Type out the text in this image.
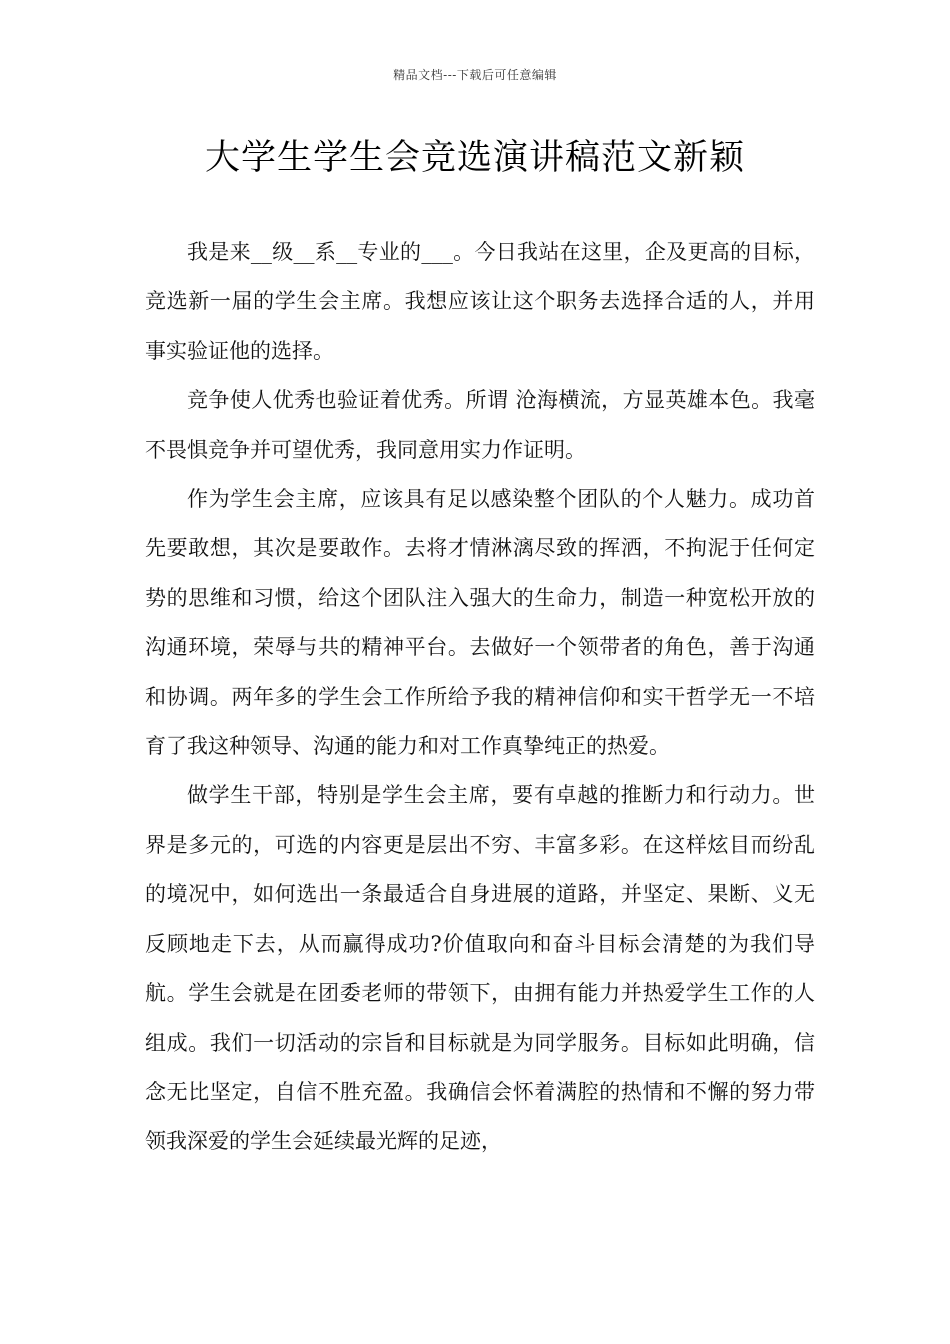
精品文档---下载后可任意编辑
大学生学生会竞选演讲稿范文新颖

我是来__级__系__专业的___。今日我站在这里，企及更高的目标，竞选新一届的学生会主席。我想应该让这个职务去选择合适的人，并用事实验证他的选择。

竞争使人优秀也验证着优秀。所谓 沧海横流，方显英雄本色。我毫不畏惧竞争并可望优秀，我同意用实力作证明。

作为学生会主席，应该具有足以感染整个团队的个人魅力。成功首先要敢想，其次是要敢作。去将才情淋漓尽致的挥洒，不拘泥于任何定势的思维和习惯，给这个团队注入强大的生命力，制造一种宽松开放的沟通环境，荣辱与共的精神平台。去做好一个领带者的角色，善于沟通和协调。两年多的学生会工作所给予我的精神信仰和实干哲学无一不培育了我这种领导、沟通的能力和对工作真挚纯正的热爱。

做学生干部，特别是学生会主席，要有卓越的推断力和行动力。世界是多元的，可选的内容更是层出不穷、丰富多彩。在这样炫目而纷乱的境况中，如何选出一条最适合自身进展的道路，并坚定、果断、义无反顾地走下去，从而赢得成功?价值取向和奋斗目标会清楚的为我们导航。学生会就是在团委老师的带领下，由拥有能力并热爱学生工作的人组成。我们一切活动的宗旨和目标就是为同学服务。目标如此明确，信念无比坚定，自信不胜充盈。我确信会怀着满腔的热情和不懈的努力带领我深爱的学生会延续最光辉的足迹，
